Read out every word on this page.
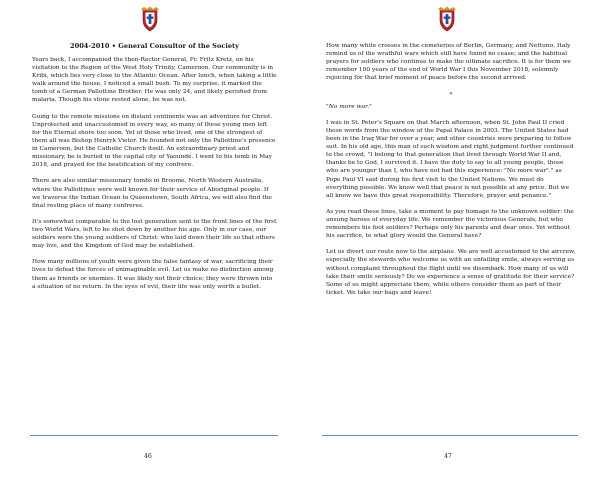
2004-2010 • General Consultor of the Society

Years back, I accompanied the then-Rector General, Fr. Fritz Kretz, on his visitation to the Region of the West Holy Trinity, Cameroon. Our community is in Kribi, which lies very close to the Atlantic Ocean. After lunch, when taking a little walk around the house, I noticed a small bush. To my surprise, it marked the tomb of a German Pallottine Brother. He was only 24, and likely perished from malaria. Though his stone rested alone, he was not.

Going to the remote missions on distant continents was an adventure for Christ. Unprotected and unaccustomed in every way, so many of these young men left for the Eternal shore too soon. Yet of those who lived, one of the strongest of them all was Bishop Henryk Vieter. He founded not only the Pallottine's presence in Cameroon, but the Catholic Church itself. An extraordinary priest and missionary, he is buried in the capital city of Yaoundé. I went to his tomb in May 2018, and prayed for the beatification of my confrere.

There are also similar missionary tombs in Broome, North Western Australia, where the Pallottines were well known for their service of Aboriginal people. If we traverse the Indian Ocean to Queenstown, South Africa, we will also find the final resting place of many confreres.

It's somewhat comparable to the lost generation sent to the front lines of the first two World Wars, left to be shot down by another his age. Only in our case, our soldiers were the young soldiers of Christ: who laid down their life so that others may live, and the Kingdom of God may be established.

How many millions of youth were given the false fantasy of war, sacrificing their lives to defeat the forces of unimaginable evil. Let us make no distinction among them as friends or enemies. It was likely not their choice; they were thrown into a situation of no return. In the eyes of evil, their life was only worth a bullet.

46

How many white crosses in the cemeteries of Berlin, Germany, and Nettuno, Italy remind us of the wrathful wars which still have found no cease; and the habitual prayers for soldiers who continue to make the ultimate sacrifice. It is for them we remember 100 years of the end of World War I this November 2018, solemnly rejoicing for that brief moment of peace before the second arrived.

*

"No more war."

I was in St. Peter's Square on that March afternoon, when St. John Paul II cried those words from the window of the Papal Palace in 2003. The United States had been in the Iraq War for over a year, and other countries were preparing to follow suit. In his old age, this man of such wisdom and right judgment further continued to the crowd, "I belong to that generation that lived through World War II and, thanks be to God, I survived it. I have the duty to say to all young people, those who are younger than I, who have not had this experience: "No more war"." as Pope Paul VI said during his first visit to the United Nations. We must do everything possible. We know well that peace is not possible at any price. But we all know we have this great responsibility. Therefore, prayer and penance."

As you read these lines, take a moment to pay homage to the unknown soldier: the unsung heroes of everyday life. We remember the victorious Generals, but who remembers his foot soldiers? Perhaps only his parents and dear ones. Yet without his sacrifice, to what glory would the General have?

Let us divert our route now to the airplane. We are well accustomed to the aircrew, especially the stewards who welcome us with an unfailing smile, always serving us without complaint throughout the flight until we disembark. How many of us will take their smile seriously? Do we experience a sense of gratitude for their service? Some of us might appreciate them, while others consider them as part of their ticket. We take our bags and leave!

47
